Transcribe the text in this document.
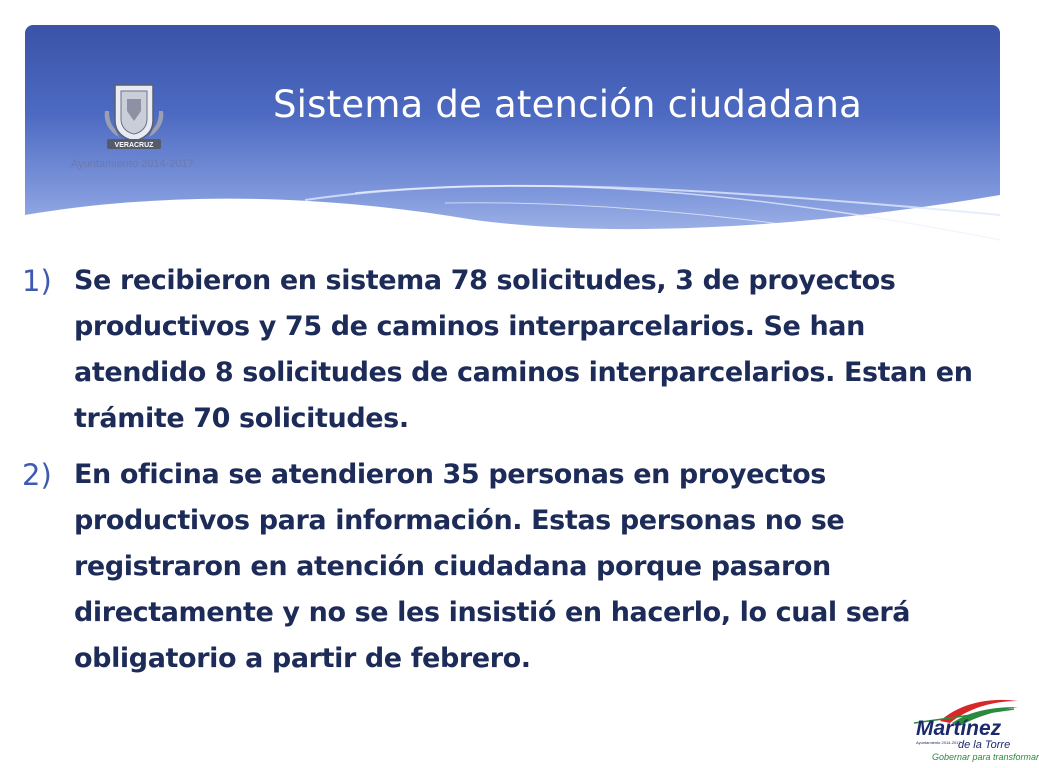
VERACRUZ
Ayuntamiento 2014-2017
Sistema de atención ciudadana
1) Se recibieron en sistema 78 solicitudes, 3 de proyectos productivos y 75 de caminos interparcelarios. Se han atendido 8 solicitudes de caminos interparcelarios. Estan en trámite 70 solicitudes.
2) En oficina se atendieron 35 personas en proyectos productivos para información. Estas personas no se registraron en atención ciudadana porque pasaron directamente y no se les insistió en hacerlo, lo cual será obligatorio a partir de febrero.
Martínez
Ayuntamiento 2014-2017
de la Torre
Gobernar para transformar
